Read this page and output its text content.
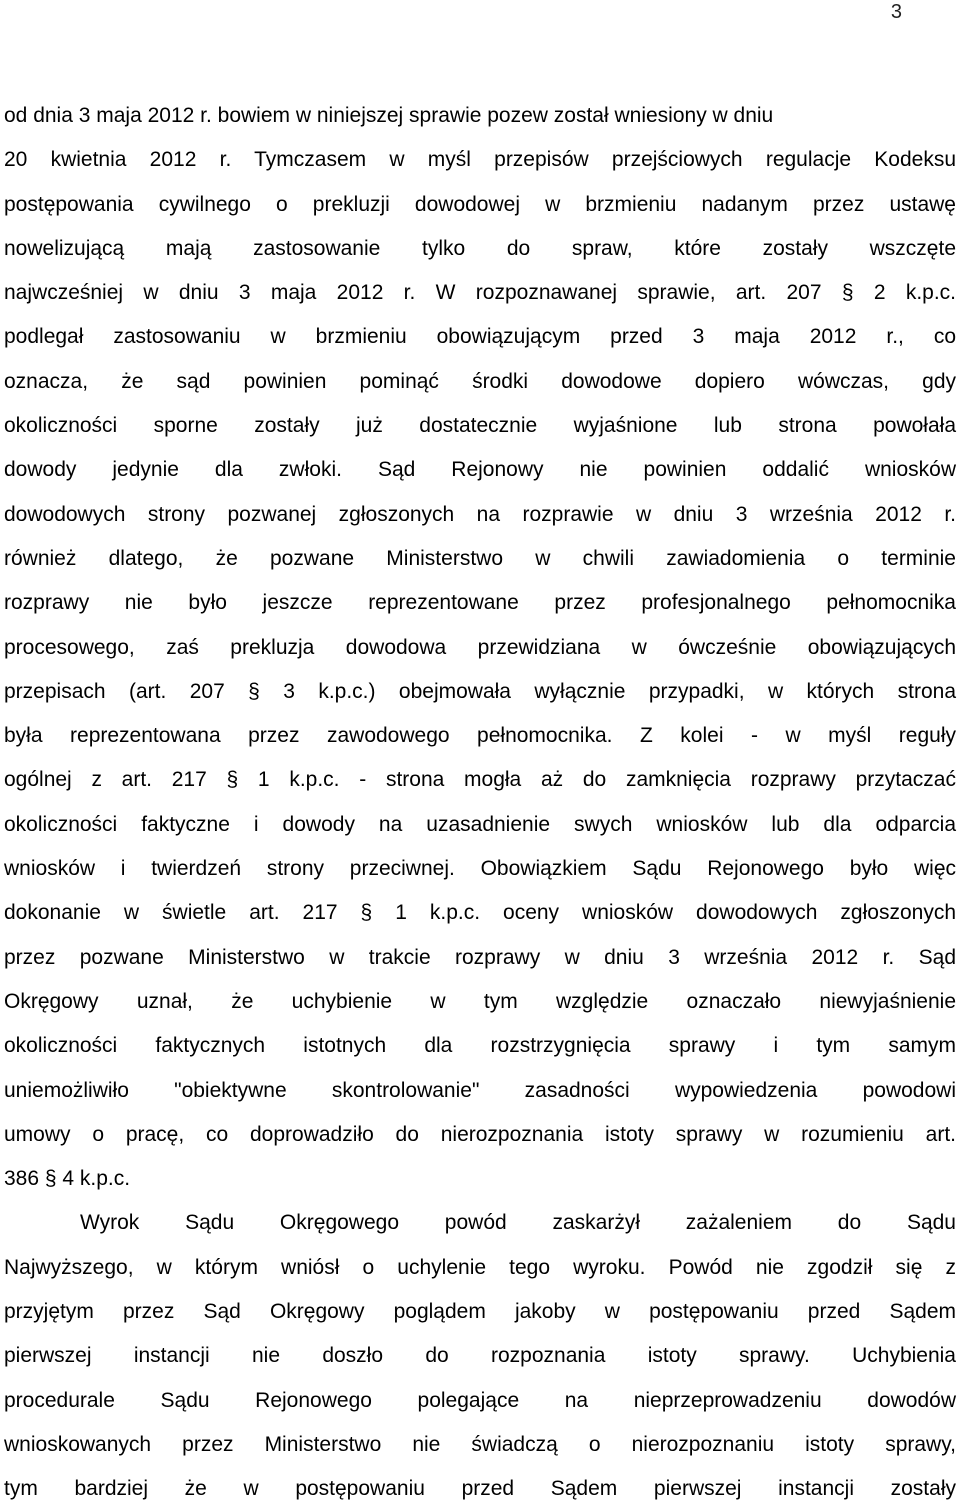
3
od dnia 3 maja 2012 r. bowiem w niniejszej sprawie pozew został wniesiony w dniu
20 kwietnia 2012 r. Tymczasem w myśl przepisów przejściowych regulacje Kodeksu
postępowania cywilnego o prekluzji dowodowej w brzmieniu nadanym przez ustawę
nowelizującą mają zastosowanie tylko do spraw, które zostały wszczęte
najwcześniej w dniu 3 maja 2012 r. W rozpoznawanej sprawie, art. 207 § 2 k.p.c.
podlegał zastosowaniu w brzmieniu obowiązującym przed 3 maja 2012 r., co
oznacza, że sąd powinien pominąć środki dowodowe dopiero wówczas, gdy
okoliczności sporne zostały już dostatecznie wyjaśnione lub strona powołała
dowody jedynie dla zwłoki. Sąd Rejonowy nie powinien oddalić wniosków
dowodowych strony pozwanej zgłoszonych na rozprawie w dniu 3 września 2012 r.
również dlatego, że pozwane Ministerstwo w chwili zawiadomienia o terminie
rozprawy nie było jeszcze reprezentowane przez profesjonalnego pełnomocnika
procesowego, zaś prekluzja dowodowa przewidziana w ówcześnie obowiązujących
przepisach (art. 207 § 3 k.p.c.) obejmowała wyłącznie przypadki, w których strona
była reprezentowana przez zawodowego pełnomocnika. Z kolei - w myśl reguły
ogólnej z art. 217 § 1 k.p.c. - strona mogła aż do zamknięcia rozprawy przytaczać
okoliczności faktyczne i dowody na uzasadnienie swych wniosków lub dla odparcia
wniosków i twierdzeń strony przeciwnej. Obowiązkiem Sądu Rejonowego było więc
dokonanie w świetle art. 217 § 1 k.p.c. oceny wniosków dowodowych zgłoszonych
przez pozwane Ministerstwo w trakcie rozprawy w dniu 3 września 2012 r. Sąd
Okręgowy uznał, że uchybienie w tym względzie oznaczało niewyjaśnienie
okoliczności faktycznych istotnych dla rozstrzygnięcia sprawy i tym samym
uniemożliwiło "obiektywne skontrolowanie" zasadności wypowiedzenia powodowi
umowy o pracę, co doprowadziło do nierozpoznania istoty sprawy w rozumieniu art.
386 § 4 k.p.c.
Wyrok Sądu Okręgowego powód zaskarżył zażaleniem do Sądu
Najwyższego, w którym wniósł o uchylenie tego wyroku. Powód nie zgodził się z
przyjętym przez Sąd Okręgowy poglądem jakoby w postępowaniu przed Sądem
pierwszej instancji nie doszło do rozpoznania istoty sprawy. Uchybienia
procedurale Sądu Rejonowego polegające na nieprzeprowadzeniu dowodów
wnioskowanych przez Ministerstwo nie świadczą o nierozpoznaniu istoty sprawy,
tym bardziej że w postępowaniu przed Sądem pierwszej instancji zostały
